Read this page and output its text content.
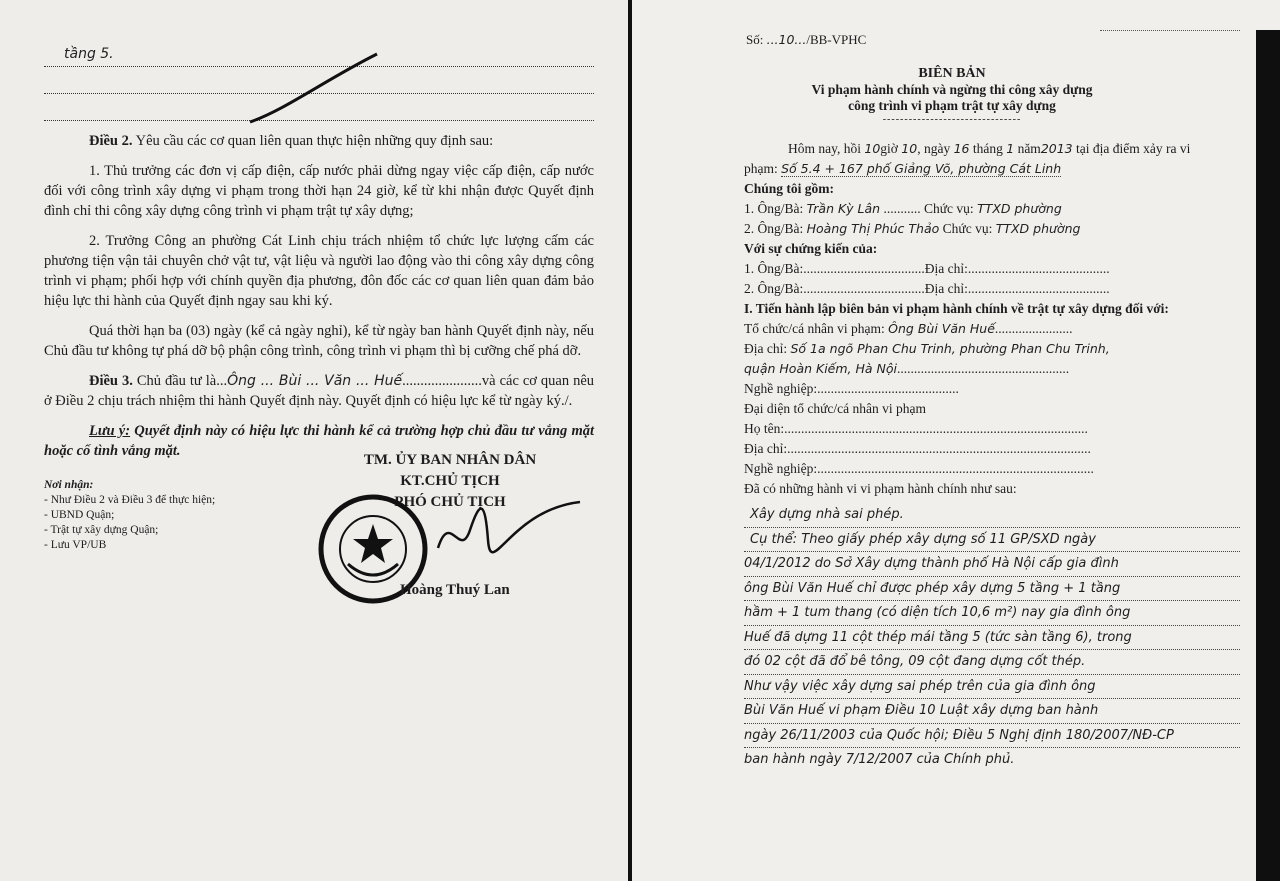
tầng 5.

Điều 2. Yêu cầu các cơ quan liên quan thực hiện những quy định sau:

1. Thủ trưởng các đơn vị cấp điện, cấp nước phải dừng ngay việc cấp điện, cấp nước đối với công trình xây dựng vi phạm trong thời hạn 24 giờ, kể từ khi nhận được Quyết định đình chỉ thi công xây dựng công trình vi phạm trật tự xây dựng;

2. Trưởng Công an phường Cát Linh chịu trách nhiệm tổ chức lực lượng cấm các phương tiện vận tải chuyên chở vật tư, vật liệu và người lao động vào thi công xây dựng công trình vi phạm; phối hợp với chính quyền địa phương, đôn đốc các cơ quan liên quan đảm bảo hiệu lực thi hành của Quyết định ngay sau khi ký.

Quá thời hạn ba (03) ngày (kể cả ngày nghỉ), kể từ ngày ban hành Quyết định này, nếu Chủ đầu tư không tự phá dỡ bộ phận công trình, công trình vi phạm thì bị cưỡng chế phá dỡ.

Điều 3. Chủ đầu tư là...Ông ... Bùi ... Văn ... Huế......................và các cơ quan nêu ở Điều 2 chịu trách nhiệm thi hành Quyết định này. Quyết định có hiệu lực kể từ ngày ký./.

Lưu ý: Quyết định này có hiệu lực thi hành kể cả trường hợp chủ đầu tư vắng mặt hoặc cố tình vắng mặt.

TM. ỦY BAN NHÂN DÂN
KT.CHỦ TỊCH
PHÓ CHỦ TỊCH
Nơi nhận:
- Như Điều 2 và Điều 3 để thực hiện;
- UBND Quận;
- Trật tự xây dựng Quận;
- Lưu VP/UB
Hoàng Thuý Lan

Số: ...10.../BB-VPHC

BIÊN BẢN
Vi phạm hành chính và ngừng thi công xây dựng
công trình vi phạm trật tự xây dựng
--------------------------------

Hôm nay, hồi 10giờ 10, ngày 16 tháng 1 năm2013 tại địa điểm xảy ra vi

phạm: Số 5.4 + 167 phố Giảng Võ, phường Cát Linh

Chúng tôi gồm:

1. Ông/Bà: Trần Kỳ Lân ........... Chức vụ: TTXD phường

2. Ông/Bà: Hoàng Thị Phúc Thảo Chức vụ: TTXD phường

Với sự chứng kiến của:

1. Ông/Bà:....................................Địa chỉ:..........................................

2. Ông/Bà:....................................Địa chỉ:..........................................

I. Tiến hành lập biên bản vi phạm hành chính về trật tự xây dựng đối với:

Tổ chức/cá nhân vi phạm: Ông Bùi Văn Huế.......................

Địa chỉ: Số 1a ngõ Phan Chu Trinh, phường Phan Chu Trinh,

quận Hoàn Kiếm, Hà Nội...................................................

Nghề nghiệp:..........................................

Đại diện tổ chức/cá nhân vi phạm

Họ tên:..........................................................................................

Địa chỉ:..........................................................................................

Nghề nghiệp:..................................................................................

Đã có những hành vi vi phạm hành chính như sau:

Xây dựng nhà sai phép.

Cụ thể: Theo giấy phép xây dựng số 11 GP/SXD ngày

04/1/2012 do Sở Xây dựng thành phố Hà Nội cấp gia đình

ông Bùi Văn Huế chỉ được phép xây dựng 5 tầng + 1 tầng

hầm + 1 tum thang (có diện tích 10,6 m²) nay gia đình ông

Huế đã dựng 11 cột thép mái tầng 5 (tức sàn tầng 6), trong

đó 02 cột đã đổ bê tông, 09 cột đang dựng cốt thép.

Như vậy việc xây dựng sai phép trên của gia đình ông

Bùi Văn Huế vi phạm Điều 10 Luật xây dựng ban hành

ngày 26/11/2003 của Quốc hội; Điều 5 Nghị định 180/2007/NĐ-CP

ban hành ngày 7/12/2007 của Chính phủ.
